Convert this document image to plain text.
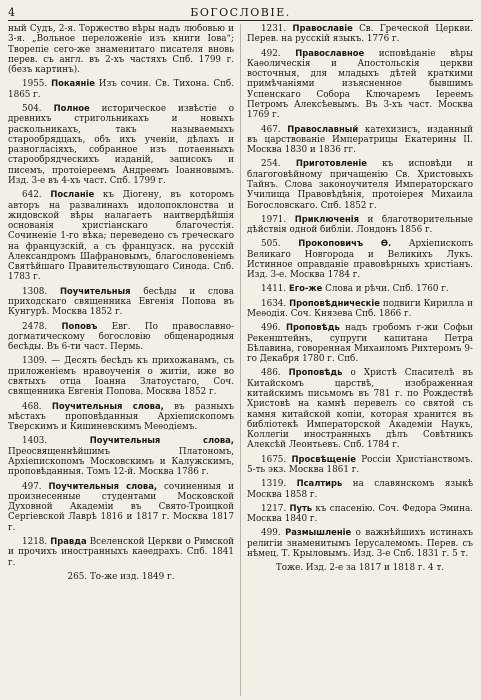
4	БОГОСЛОВІЕ.

ный Судъ, 2-я. Торжество вѣры надъ любовью и 3-я. „Вольное переложеніе изъ книги Іова“; Творепіе сего-же знаменитаго писателя вновь перев. съ англ. въ 2-хъ частяхъ Спб. 1799 г. (безъ картинъ).

1955. Покаяніе Изъ сочин. Св. Тихона. Спб. 1865 г.

504. Полное историческое извѣстіе о древнихъ стригольникахъ и новыхъ раскольникахъ, такъ называемыхъ старообрядцахъ, объ ихъ ученіи, дѣлахъ и разногласіяхъ, собранное изъ потаенныхъ старообрядческихъ изданій, записокъ и писемъ, протоіереемъ Андреемъ Іоанновымъ. Изд. 3-е въ 4-хъ част. Спб. 1799 г.

642. Посланіе къ Діогену, въ которомъ авторъ на развалинахъ идолопоклонства и жидовской вѣры налагаетъ наитвердѣйшія основанія христіанскаго благочестія. Сочиненіе 1-го вѣка; переведено съ греческаго на французскій, а съ французск. на русскій Александромъ Шафрановымъ, благословеніемъ Святѣйшаго Правительствующаго Синода. Спб. 1783 г.

1308. Поучительныя бесѣды и слова приходскаго священника Евгенія Попова въ Кунгурѣ. Москва 1852 г.

2478. Поповъ Евг. По православно-догматическому богословію общенародныя бесѣды. Въ 6-ти част. Пермь.

1309. — Десять бесѣдъ къ прихожанамъ, съ приложеніемъ нравоученія о житіи, иже во святыхъ отца Іоанна Златоустаго, Соч. священника Евгенія Попова. Москва 1852 г.

468. Поучительныя слова, въ разныхъ мѣстахъ проповѣданныя Архіепископомъ Тверскимъ и Кишиневскимъ Меѳодіемъ.

1403.	Поучительныя слова, Преосвященнѣйшимъ Платономъ, Архіепископомъ Московскимъ и Калужскимъ, проповѣданныя. Томъ 12-й. Москва 1786 г.

497. Поучительныя слова, сочиненныя и произнесенные студентами Московской Духовной Академіи въ Свято-Троицкой Сергіевской Лаврѣ 1816 и 1817 г. Москва 1817 г.

1218. Правда Вселенской Церкви о Римской и прочихъ иностранныхъ каѳедрахъ. Спб. 1841 г.

265. То-же изд. 1849 г.

1231. Православіе Св. Греческой Церкви. Перев. на русскій языкъ. 1776 г.

492. Православное исповѣданіе вѣры Каѳолическія и Апостольскія церкви восточныя, для младыхъ дѣтей краткими примѣчаніями изъясненное бывшимъ Успенскаго Собора Ключаремъ Іереемъ Петромъ Алексѣевымъ. Въ 3-хъ част. Москва 1769 г.

467. Православный катехизисъ, изданный въ царствованіе Императрицы Екатерины II. Москва 1830 и 1836 гг.

254. Приготовленіе къ исповѣди и благоговѣйному причащенію Св. Христовыхъ Тайнъ. Слова законоучителя Императорскаго Училища Правовѣдѣнія, протоіерея Михаила Богословскаго. Спб. 1852 г.

1971. Приключенія и благотворительные дѣйствія одной библіи. Лондонъ 1856 г.

505. Прокоповичъ Ѳ. Архіепископъ Великаго Новгорода и Великихъ Лукъ. Истинное оправданіе правовѣрныхъ христіанъ. Изд. 3-е. Москва 1784 г.

1411. Его-же Слова и рѣчи. Спб. 1760 г.

1634. Проповѣдническіе подвиги Кирилла и Меѳодія. Соч. Князева Спб. 1866 г.

496. Проповѣдь надъ гробомъ г-жи Софьи Рекенштейнъ, супруги капитана Петра Бѣлавина, говоренная Михаиломъ Рихтеромъ 9-го Декабря 1780 г. Спб.

486. Проповѣдь о Христѣ Спасителѣ въ Китайскомъ царствѣ, изображенная китайскимъ письмомъ въ 781 г. по Рождествѣ Христовѣ на камнѣ перевелъ со святой съ камня китайской копіи, которая хранится въ библіотекѣ Императорской Академіи Наукъ, Коллегіи иностранныхъ дѣлъ Совѣтникъ Алексѣй Леонтьевъ. Спб. 1784 г.

1675. Просвѣщеніе Россіи Христіанствомъ. 5-ть экз. Москва 1861 г.

1319. Псалтирь на славянскомъ языкѣ Москва 1858 г.

1217. Путь къ спасенію. Соч. Федора Эмина. Москва 1840 г.

499. Размышленіе о важнѣйшихъ истинахъ религіи знаменитымъ Іерусалемомъ. Перев. съ нѣмец. Т. Крыловымъ. Изд. 3-е Спб. 1831 г. 5 т.

Тоже. Изд. 2-е за 1817 и 1818 г. 4 т.
